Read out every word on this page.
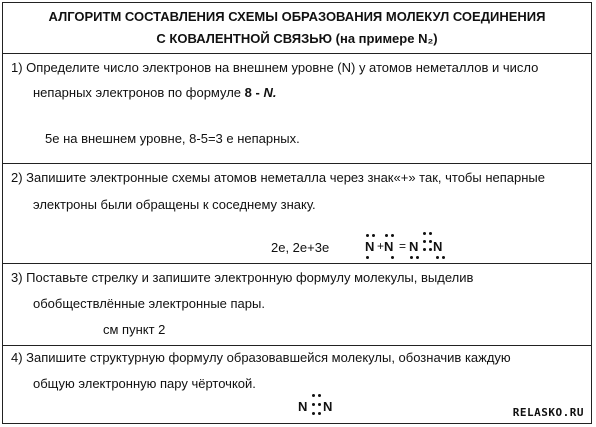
АЛГОРИТМ СОСТАВЛЕНИЯ СХЕМЫ ОБРАЗОВАНИЯ МОЛЕКУЛ СОЕДИНЕНИЯ
С КОВАЛЕНТНОЙ СВЯЗЬЮ (на примере N₂)
1) Определите число электронов на внешнем уровне (N) у атомов неметаллов и число
непарных электронов по формуле 8 - N.
5е на внешнем уровне, 8-5=3 е непарных.
2) Запишите электронные схемы атомов неметалла через знак«+» так, чтобы непарные
электроны были обращены к соседнему знаку.
2е, 2е+3е	N + N = N N
3) Поставьте стрелку и запишите электронную формулу молекулы, выделив
обобществлённые электронные пары.
см пункт 2
4) Запишите структурную формулу образовавшейся молекулы, обозначив каждую
общую электронную пару чёрточкой.
N N	RELASKO.RU
